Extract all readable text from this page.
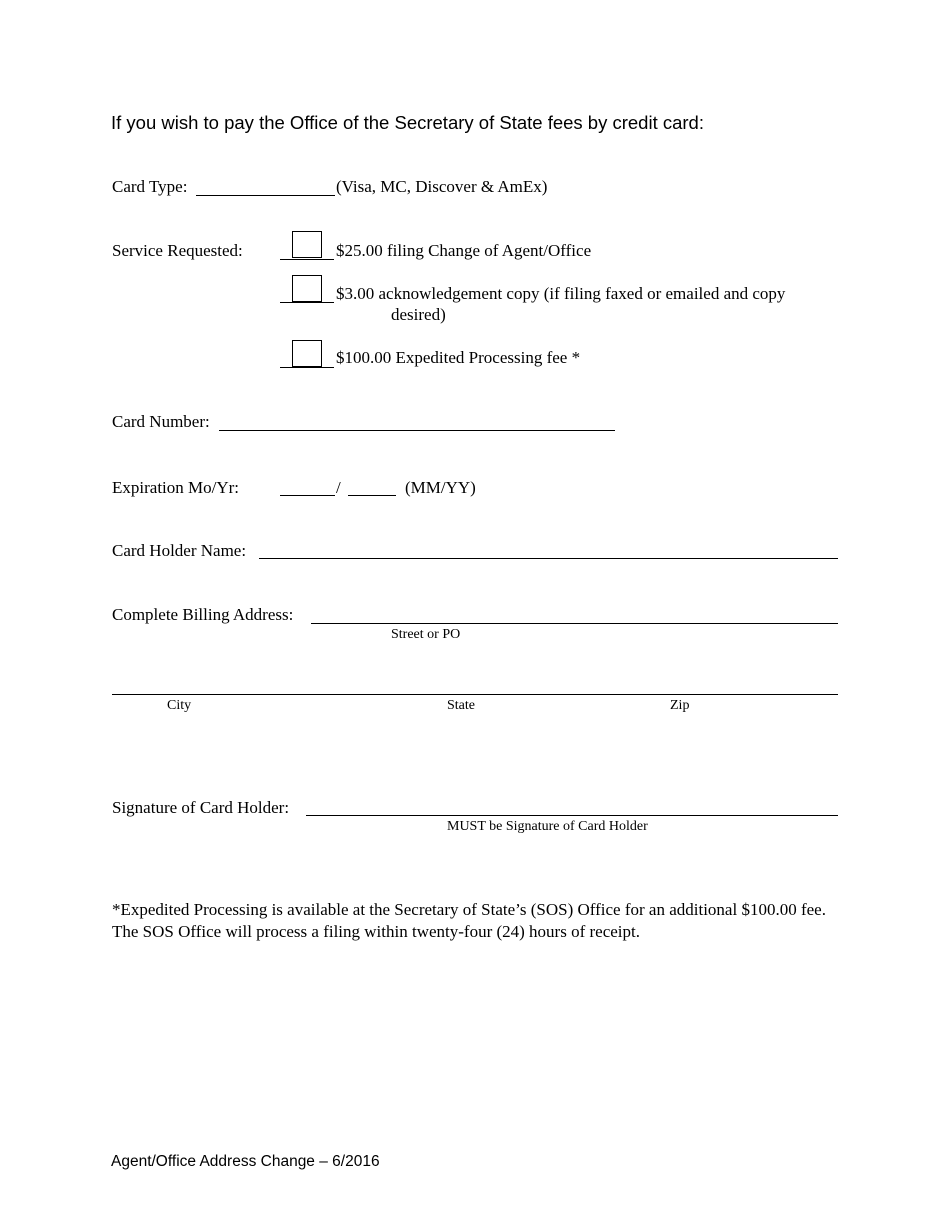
If you wish to pay the Office of the Secretary of State fees by credit card:
Card Type:	(Visa, MC, Discover & AmEx)
Service Requested:	$25.00 filing Change of Agent/Office
$3.00 acknowledgement copy (if filing faxed or emailed and copy
desired)
$100.00 Expedited Processing fee *
Card Number:
Expiration Mo/Yr:	/	(MM/YY)
Card Holder Name:
Complete Billing Address:
Street or PO
City	State	Zip
Signature of Card Holder:
MUST be Signature of Card Holder
*Expedited Processing is available at the Secretary of State’s (SOS) Office for an additional $100.00 fee. The SOS Office will process a filing within twenty-four (24) hours of receipt.
Agent/Office Address Change – 6/2016
